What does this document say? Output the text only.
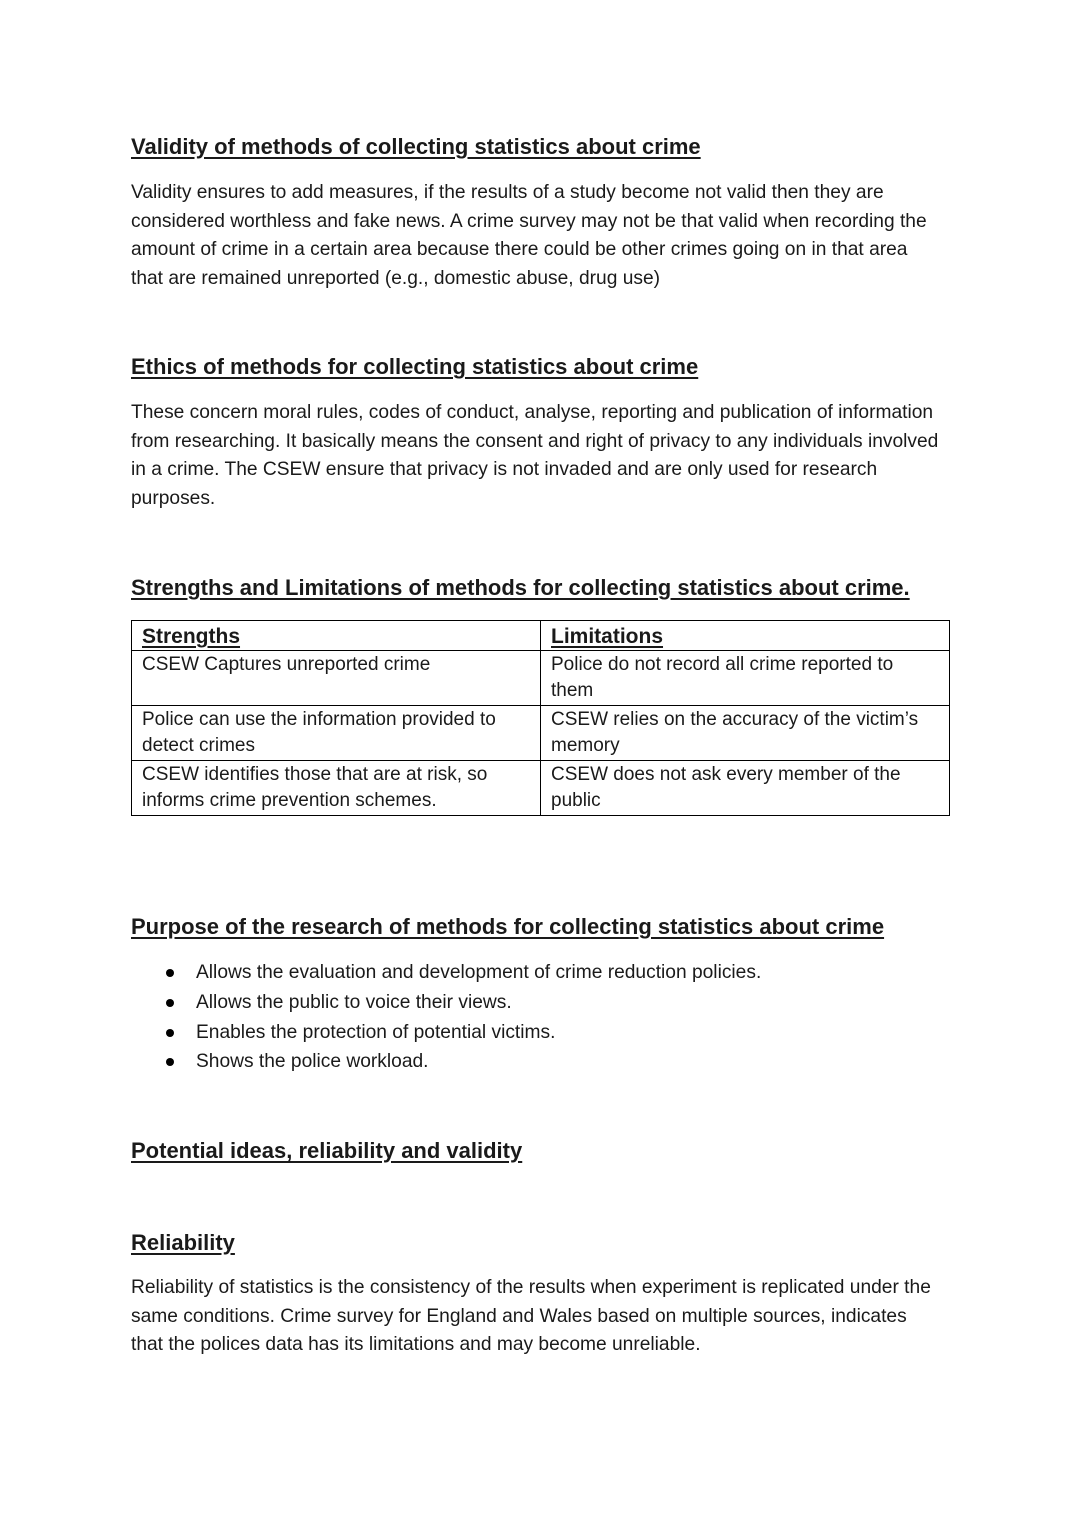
Validity of methods of collecting statistics about crime

Validity ensures to add measures, if the results of a study become not valid then they are considered worthless and fake news. A crime survey may not be that valid when recording the amount of crime in a certain area because there could be other crimes going on in that area that are remained unreported (e.g., domestic abuse, drug use)

Ethics of methods for collecting statistics about crime

These concern moral rules, codes of conduct, analyse, reporting and publication of information from researching. It basically means the consent and right of privacy to any individuals involved in a crime. The CSEW ensure that privacy is not invaded and are only used for research purposes.

Strengths and Limitations of methods for collecting statistics about crime.
Strengths	Limitations
CSEW Captures unreported crime	Police do not record all crime reported to them
Police can use the information provided to detect crimes	CSEW relies on the accuracy of the victim’s memory
CSEW identifies those that are at risk, so informs crime prevention schemes.	CSEW does not ask every member of the public
Purpose of the research of methods for collecting statistics about crime
Allows the evaluation and development of crime reduction policies.
Allows the public to voice their views.
Enables the protection of potential victims.
Shows the police workload.
Potential ideas, reliability and validity
Reliability

Reliability of statistics is the consistency of the results when experiment is replicated under the same conditions. Crime survey for England and Wales based on multiple sources, indicates that the polices data has its limitations and may become unreliable.
